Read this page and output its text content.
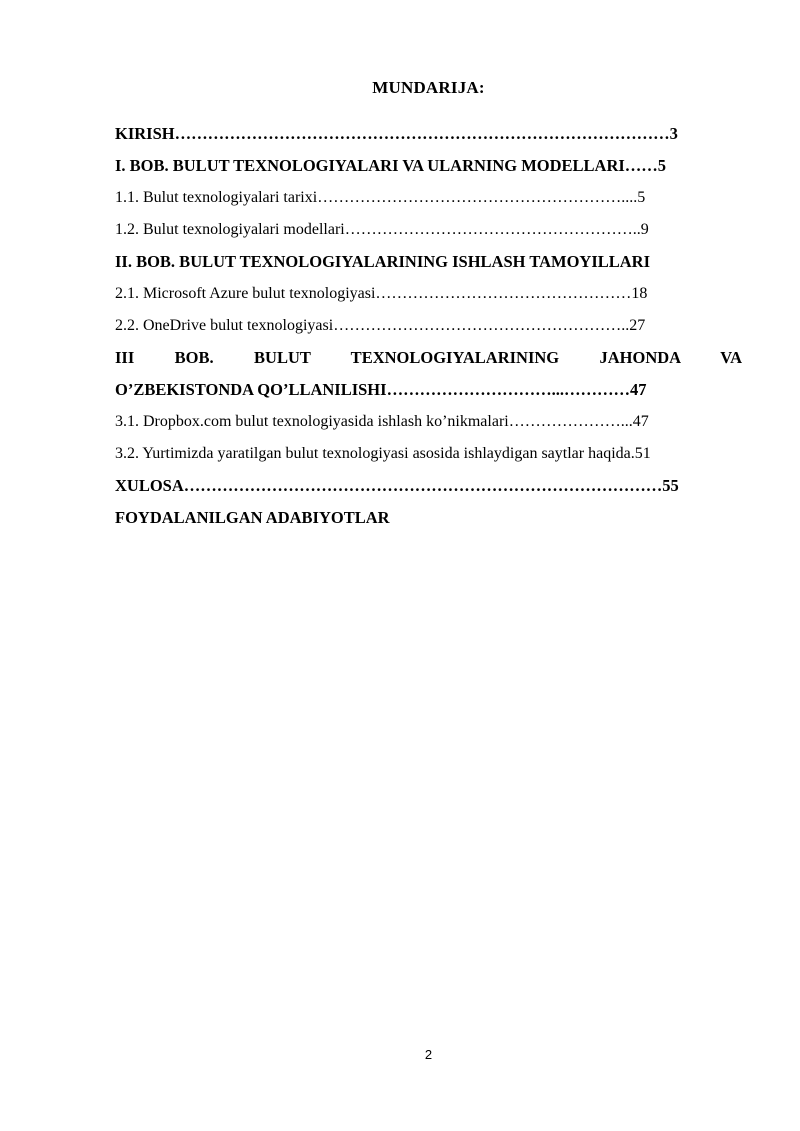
MUNDARIJA:
KIRISH………………………………………………………………………………3
I. BOB. BULUT TEXNOLOGIYALARI VA ULARNING MODELLARI……5
1.1. Bulut texnologiyalari tarixi…………………………………………………....5
1.2. Bulut texnologiyalari modellari………………………………………………..9
II. BOB. BULUT TEXNOLOGIYALARINING ISHLASH TAMOYILLARI
2.1. Microsoft Azure bulut texnologiyasi…………………………………………18
2.2. OneDrive bulut texnologiyasi………………………………………………..27
III BOB. BULUT TEXNOLOGIYALARINING JAHONDA VA
O’ZBEKISTONDA QO’LLANILISHI…………………………...…………47
3.1. Dropbox.com bulut texnologiyasida ishlash ko’nikmalari…………………...47
3.2. Yurtimizda yaratilgan bulut texnologiyasi asosida ishlaydigan saytlar haqida.51
XULOSA……………………………………………………………………………55
FOYDALANILGAN ADABIYOTLAR
2
